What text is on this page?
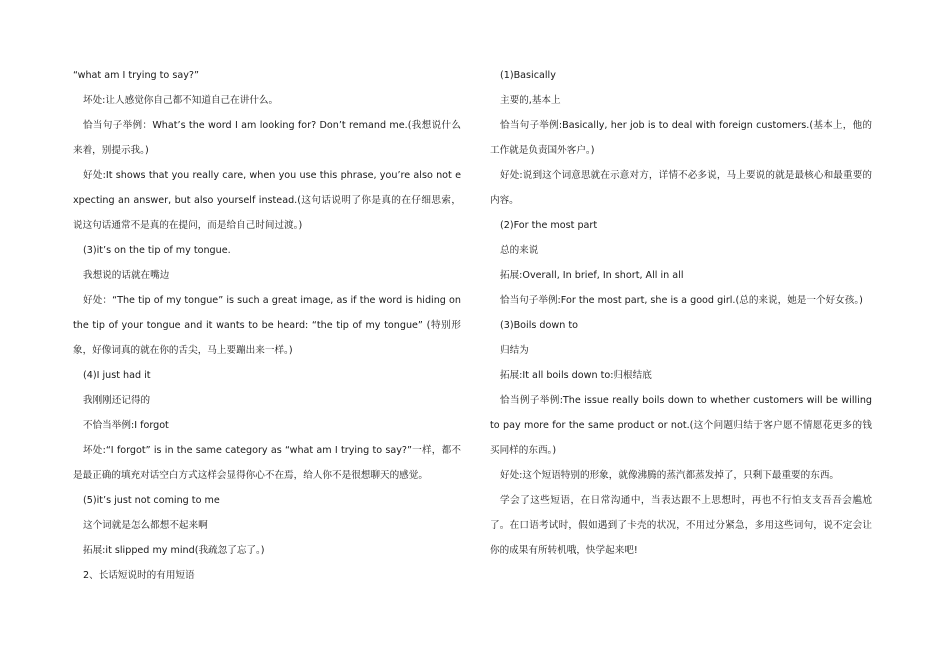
“what am I trying to say?”

坏处:让人感觉你自己都不知道自己在讲什么。

恰当句子举例：What’s the word I am looking for? Don’t remand me.(我想说什么来着，别提示我。)

好处:It shows that you really care, when you use this phrase, you’re also not expecting an answer, but also yourself instead.(这句话说明了你是真的在仔细思索，说这句话通常不是真的在提问，而是给自己时间过渡。)

(3)it’s on the tip of my tongue.

我想说的话就在嘴边

好处：“The tip of my tongue” is such a great image, as if the word is hiding on the tip of your tongue and it wants to be heard: “the tip of my tongue” (特别形象，好像词真的就在你的舌尖，马上要蹦出来一样。)

(4)I just had it

我刚刚还记得的

不恰当举例:I forgot

坏处:“I forgot” is in the same category as “what am I trying to say?”一样，都不是最正确的填充对话空白方式这样会显得你心不在焉，给人你不是很想聊天的感觉。

(5)it’s just not coming to me

这个词就是怎么都想不起来啊

拓展:it slipped my mind(我疏忽了忘了。)

2、长话短说时的有用短语

(1)Basically

主要的,基本上

恰当句子举例:Basically, her job is to deal with foreign customers.(基本上，他的工作就是负责国外客户。)

好处:说到这个词意思就在示意对方，详情不必多说，马上要说的就是最核心和最重要的内容。

(2)For the most part

总的来说

拓展:Overall, In brief, In short, All in all

恰当句子举例:For the most part, she is a good girl.(总的来说，她是一个好女孩。)

(3)Boils down to

归结为

拓展:It all boils down to:归根结底

恰当例子举例:The issue really boils down to whether customers will be willing to pay more for the same product or not.(这个问题归结于客户愿不情愿花更多的钱买同样的东西。)

好处:这个短语特别的形象，就像沸腾的蒸汽都蒸发掉了，只剩下最重要的东西。

学会了这些短语，在日常沟通中，当表达跟不上思想时，再也不行怕支支吾吾会尴尬了。在口语考试时，假如遇到了卡壳的状况，不用过分紧急，多用这些词句，说不定会让你的成果有所转机哦，快学起来吧!
